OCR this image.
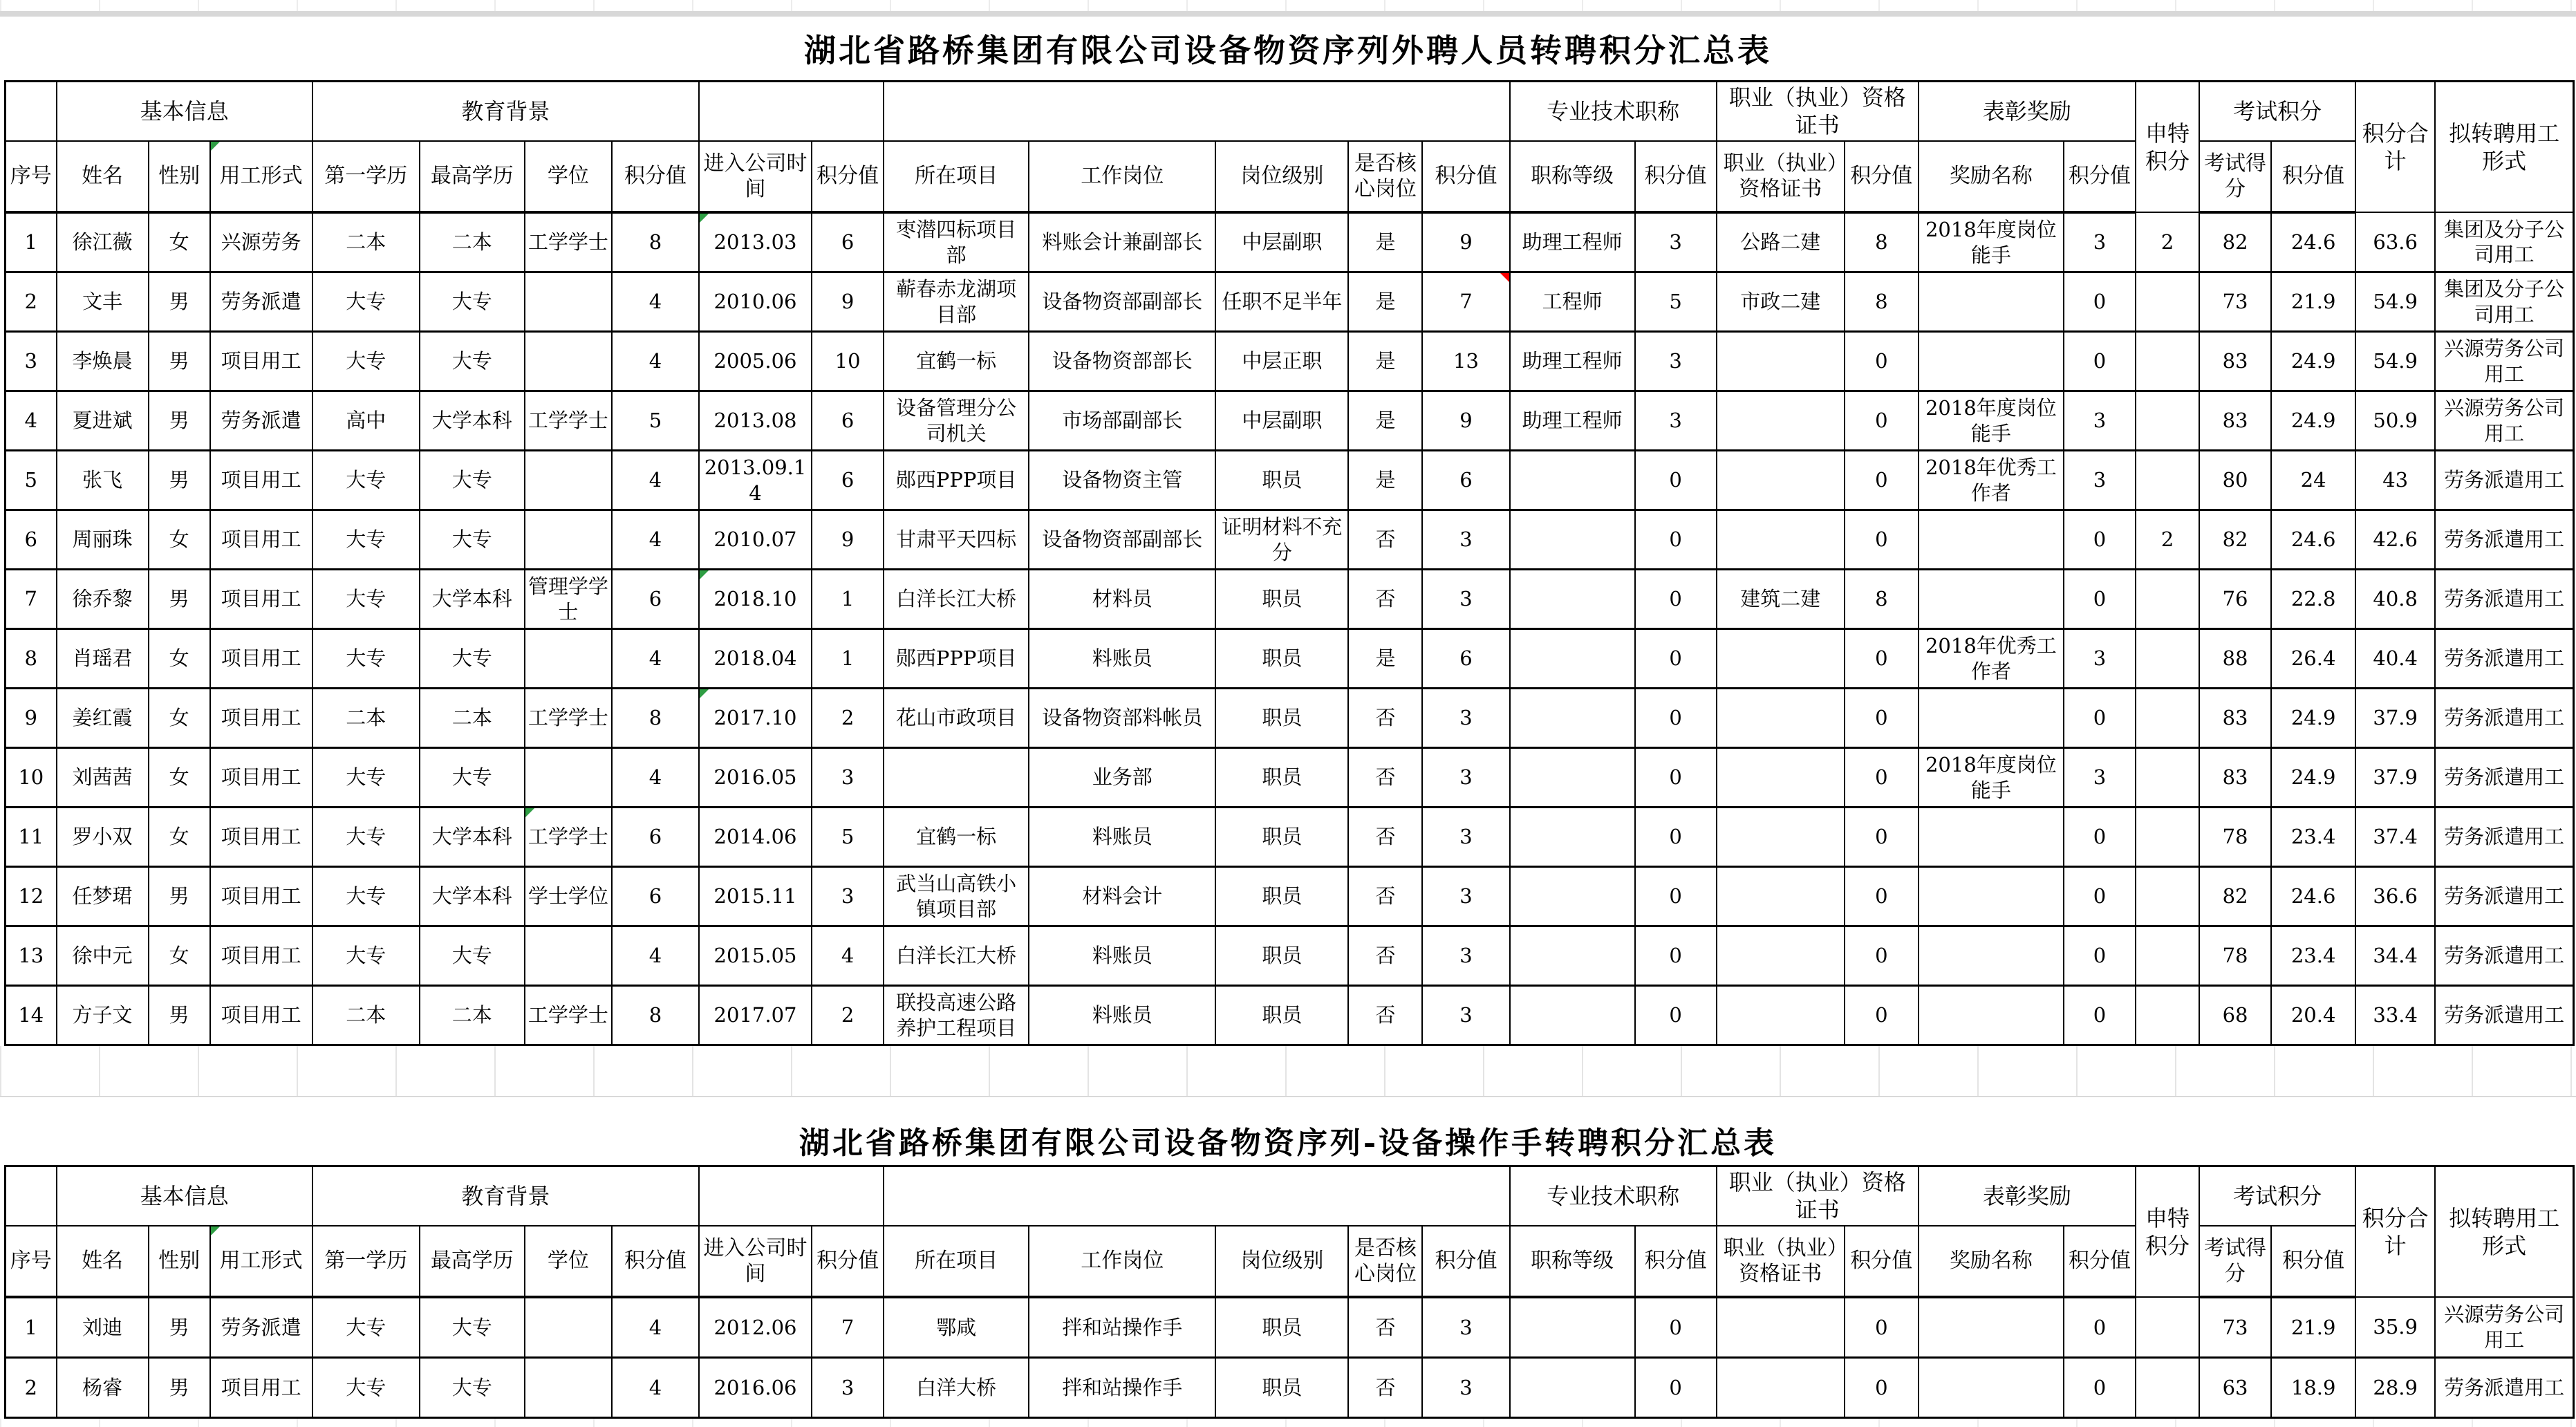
湖北省路桥集团有限公司设备物资序列外聘人员转聘积分汇总表
	基本信息			教育背景											专业技术职称		职业（执业）资格证书		表彰奖励		申特积分	考试积分		积分合计	拟转聘用工形式
序号	姓名	性别	用工形式	第一学历	最高学历	学位	积分值	进入公司时间	积分值	所在项目	工作岗位	岗位级别	是否核心岗位	积分值	职称等级	积分值	职业（执业）资格证书	积分值	奖励名称	积分值		考试得分	积分值		
1	徐江薇	女	兴源劳务	二本	二本	工学学士	8	2013.03	6	枣潜四标项目部	料账会计兼副部长	中层副职	是	9	助理工程师	3	公路二建	8	2018年度岗位能手	3	2	82	24.6	63.6	集团及分子公司用工
2	文丰	男	劳务派遣	大专	大专		4	2010.06	9	蕲春赤龙湖项目部	设备物资部副部长	任职不足半年	是	7	工程师	5	市政二建	8		0		73	21.9	54.9	集团及分子公司用工
3	李焕晨	男	项目用工	大专	大专		4	2005.06	10	宜鹤一标	设备物资部部长	中层正职	是	13	助理工程师	3		0		0		83	24.9	54.9	兴源劳务公司用工
4	夏进斌	男	劳务派遣	高中	大学本科	工学学士	5	2013.08	6	设备管理分公司机关	市场部副部长	中层副职	是	9	助理工程师	3		0	2018年度岗位能手	3		83	24.9	50.9	兴源劳务公司用工
5	张飞	男	项目用工	大专	大专		4	2013.09.14	6	郧西PPP项目	设备物资主管	职员	是	6		0		0	2018年优秀工作者	3		80	24	43	劳务派遣用工
6	周丽珠	女	项目用工	大专	大专		4	2010.07	9	甘肃平天四标	设备物资部副部长	证明材料不充分	否	3		0		0		0	2	82	24.6	42.6	劳务派遣用工
7	徐乔黎	男	项目用工	大专	大学本科	管理学学士	6	2018.10	1	白洋长江大桥	材料员	职员	否	3		0	建筑二建	8		0		76	22.8	40.8	劳务派遣用工
8	肖瑶君	女	项目用工	大专	大专		4	2018.04	1	郧西PPP项目	料账员	职员	是	6		0		0	2018年优秀工作者	3		88	26.4	40.4	劳务派遣用工
9	姜红霞	女	项目用工	二本	二本	工学学士	8	2017.10	2	花山市政项目	设备物资部料帐员	职员	否	3		0		0		0		83	24.9	37.9	劳务派遣用工
10	刘茜茜	女	项目用工	大专	大专		4	2016.05	3		业务部	职员	否	3		0		0	2018年度岗位能手	3		83	24.9	37.9	劳务派遣用工
11	罗小双	女	项目用工	大专	大学本科	工学学士	6	2014.06	5	宜鹤一标	料账员	职员	否	3		0		0		0		78	23.4	37.4	劳务派遣用工
12	任梦珺	男	项目用工	大专	大学本科	学士学位	6	2015.11	3	武当山高铁小镇项目部	材料会计	职员	否	3		0		0		0		82	24.6	36.6	劳务派遣用工
13	徐中元	女	项目用工	大专	大专		4	2015.05	4	白洋长江大桥	料账员	职员	否	3		0		0		0		78	23.4	34.4	劳务派遣用工
14	方子文	男	项目用工	二本	二本	工学学士	8	2017.07	2	联投高速公路养护工程项目	料账员	职员	否	3		0		0		0		68	20.4	33.4	劳务派遣用工
湖北省路桥集团有限公司设备物资序列-设备操作手转聘积分汇总表
	基本信息			教育背景											专业技术职称		职业（执业）资格证书		表彰奖励		申特积分	考试积分		积分合计	拟转聘用工形式
序号	姓名	性别	用工形式	第一学历	最高学历	学位	积分值	进入公司时间	积分值	所在项目	工作岗位	岗位级别	是否核心岗位	积分值	职称等级	积分值	职业（执业）资格证书	积分值	奖励名称	积分值		考试得分	积分值		
1	刘迪	男	劳务派遣	大专	大专		4	2012.06	7	鄂咸	拌和站操作手	职员	否	3		0		0		0		73	21.9	35.9	兴源劳务公司用工
2	杨睿	男	项目用工	大专	大专		4	2016.06	3	白洋大桥	拌和站操作手	职员	否	3		0		0		0		63	18.9	28.9	劳务派遣用工
